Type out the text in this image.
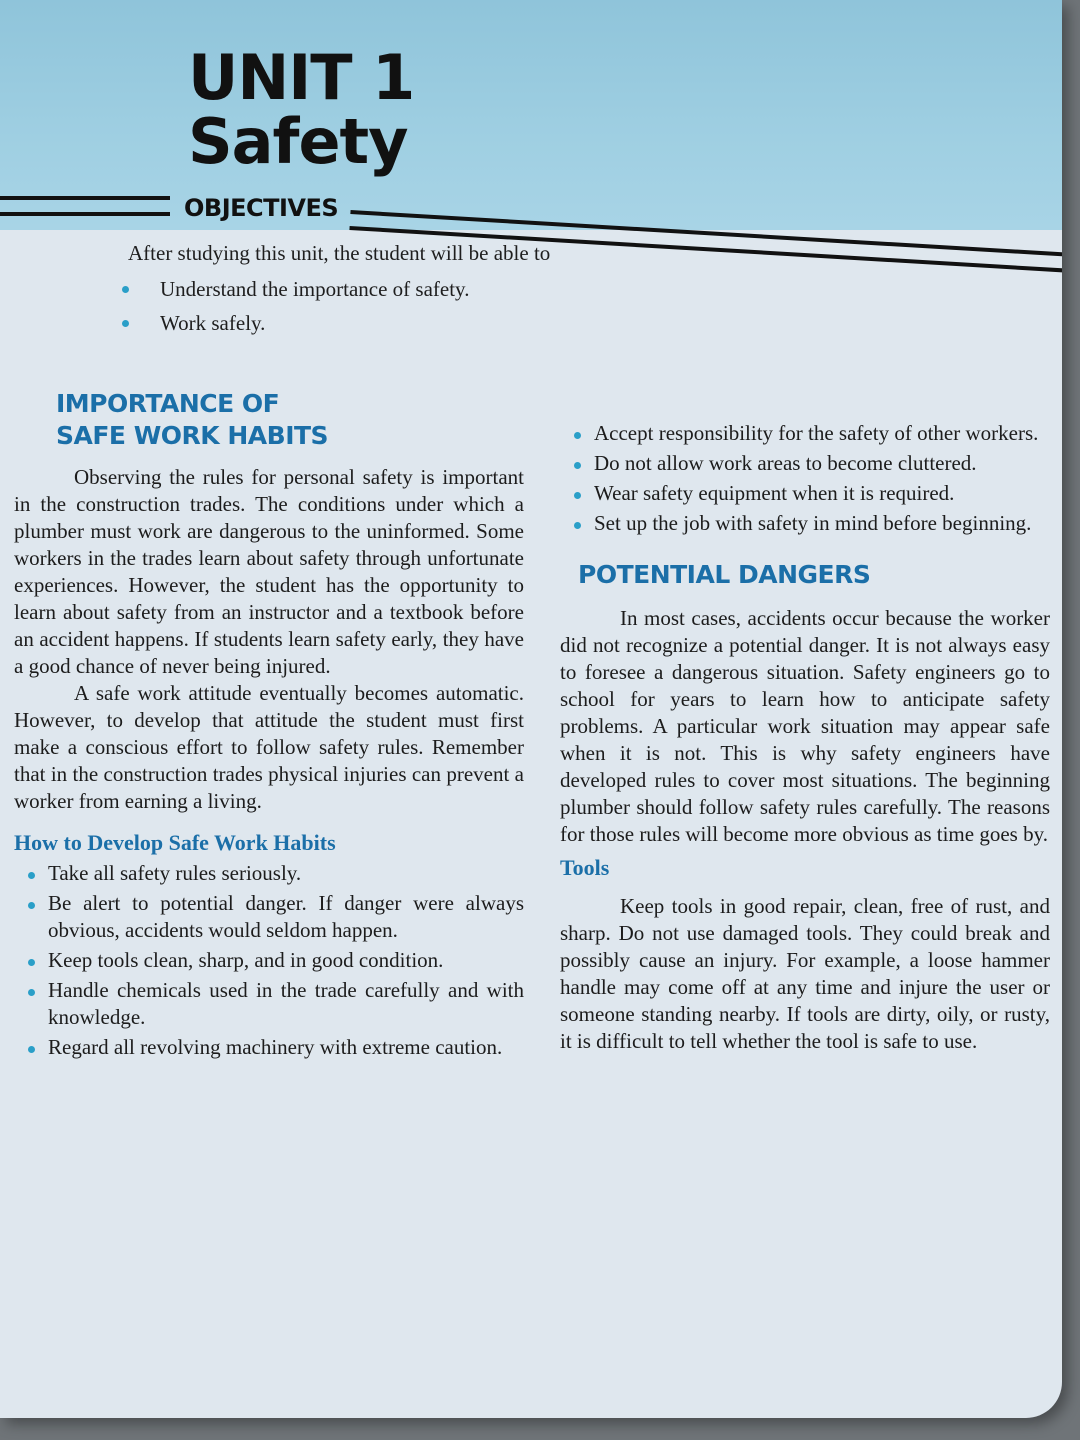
UNIT 1
Safety
OBJECTIVES

After studying this unit, the student will be able to

Understand the importance of safety.
Work safely.
IMPORTANCE OF
SAFE WORK HABITS

Observing the rules for personal safety is important in the construction trades. The conditions under which a plumber must work are dangerous to the uninformed. Some workers in the trades learn about safety through unfortunate experiences. However, the student has the opportunity to learn about safety from an instructor and a textbook before an accident happens. If students learn safety early, they have a good chance of never being injured.

A safe work attitude eventually becomes automatic. However, to develop that attitude the student must first make a conscious effort to follow safety rules. Remember that in the construction trades physical injuries can prevent a worker from earning a living.

How to Develop Safe Work Habits
Take all safety rules seriously.
Be alert to potential danger. If danger were always obvious, accidents would seldom happen.
Keep tools clean, sharp, and in good condition.
Handle chemicals used in the trade carefully and with knowledge.
Regard all revolving machinery with extreme caution.
Accept responsibility for the safety of other workers.
Do not allow work areas to become cluttered.
Wear safety equipment when it is required.
Set up the job with safety in mind before beginning.
POTENTIAL DANGERS

In most cases, accidents occur because the worker did not recognize a potential danger. It is not always easy to foresee a dangerous situation. Safety engineers go to school for years to learn how to anticipate safety problems. A particular work situation may appear safe when it is not. This is why safety engineers have developed rules to cover most situations. The beginning plumber should follow safety rules carefully. The reasons for those rules will become more obvious as time goes by.

Tools

Keep tools in good repair, clean, free of rust, and sharp. Do not use damaged tools. They could break and possibly cause an injury. For example, a loose hammer handle may come off at any time and injure the user or someone standing nearby. If tools are dirty, oily, or rusty, it is difficult to tell whether the tool is safe to use.
